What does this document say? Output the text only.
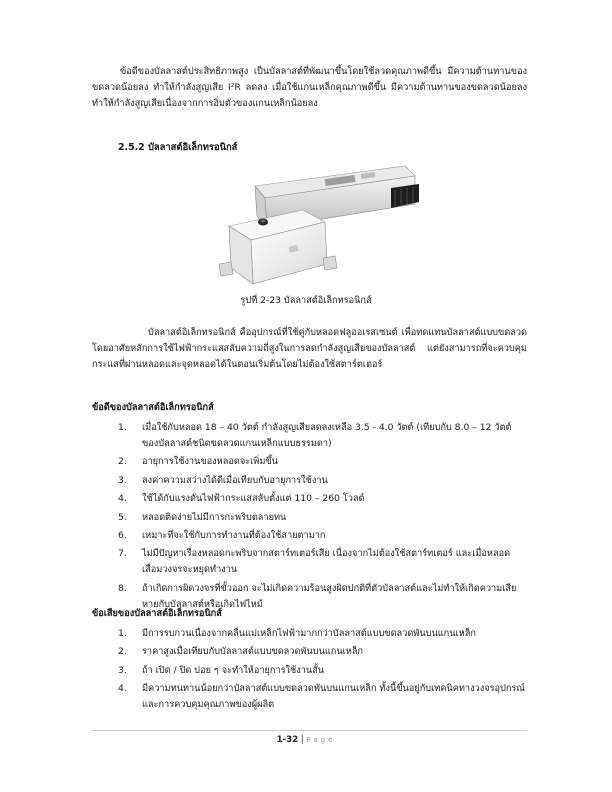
ข้อดีของบัลลาสต์ประสิทธิภาพสูง เป็นบัลลาสต์ที่พัฒนาขึ้นโดยใช้ลวดคุณภาพดีขึ้น มีความต้านทานของขดลวดน้อยลง ทำให้กำลังสูญเสีย I²R ลดลง เมื่อใช้แกนเหล็กคุณภาพดีขึ้น มีความต้านทานของขดลวดน้อยลง ทำให้กำลังสูญเสียเนื่องจากการอิ่มตัวของแกนเหล็กน้อยลง
2.5.2 บัลลาสต์อิเล็กทรอนิกส์
รูปที่ 2-23 บัลลาสต์อิเล็กทรอนิกส์
บัลลาสต์อิเล็กทรอนิกส์ คืออุปกรณ์ที่ใช้คู่กับหลอดฟลูออเรสเซนต์ เพื่อทดแทนบัลลาสต์แบบขดลวดโดยอาศัยหลักการใช้ไฟฟ้ากระแสสลับความถี่สูงในการลดกำลังสูญเสียของบัลลาสต์ แต่ยังสามารถที่จะควบคุมกระแสที่ผ่านหลอดและจุดหลอดได้ในตอนเริ่มต้นโดยไม่ต้องใช้สตาร์ตเตอร์
ข้อดีของบัลลาสต์อิเล็กทรอนิกส์
1. เมื่อใช้กับหลอด 18 – 40 วัตต์ กำลังสูญเสียลดลงเหลือ 3.5 - 4.0 วัตต์ (เทียบกับ 8.0 – 12 วัตต์ ของบัลลาสต์ชนิดขดลวดแกนเหล็กแบบธรรมดา)
2. อายุการใช้งานของหลอดจะเพิ่มขึ้น
3. ลงค่าความสว่างได้ดีเมื่อเทียบกับอายุการใช้งาน
4. ใช้ได้กับแรงดันไฟฟ้ากระแสสลับตั้งแต่ 110 – 260 โวลต์
5. หลอดติดง่ายไม่มีการกะพริบตลายทน
6. เหมาะที่จะใช้กับการทำงานที่ต้องใช้สายตามาก
7. ไม่มีปัญหาเรื่องหลอดกะพริบจากสตาร์ทเตอร์เสีย เนื่องจากไม่ต้องใช้สตาร์ทเตอร์ และเมื่อหลอดเสื่อมวงจรจะหยุดทำงาน
8. ถ้าเกิดการผิดวงจรที่ขั้วออก จะไม่เกิดความร้อนสูงผิดปกติที่ตัวบัลลาสต์และไม่ทำให้เกิดความเสียหายกับบัลลาสต์หรือเกิดไฟไหม้
ข้อเสียของบัลลาสต์อิเล็กทรอนิกส์
1. มีการรบกวนเนื่องจากคลื่นแม่เหล็กไฟฟ้ามากกว่าบัลลาสต์แบบขดลวดพันบนแกนเหล็ก
2. ราคาสูงเมื่อเทียบกับบัลลาสต์แบบขดลวดพันบนแกนเหล็ก
3. ถ้า เปิด / ปิด บ่อย ๆ จะทำให้อายุการใช้งานสั้น
4. มีความทนทานน้อยกว่าบัลลาสต์แบบขดลวดพันบนแกนเหล็ก ทั้งนี้ขึ้นอยู่กับเทคนิคทางวงจรอุปกรณ์ และการควบคุมคุณภาพของผู้ผลิต
1-32 | Page
